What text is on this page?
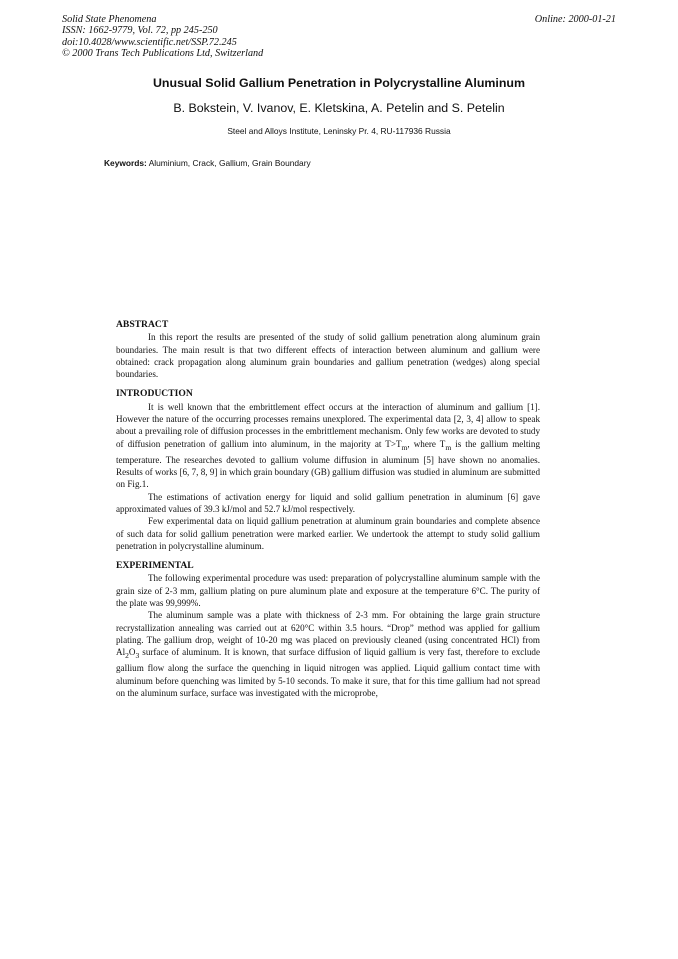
Solid State Phenomena
ISSN: 1662-9779, Vol. 72, pp 245-250
doi:10.4028/www.scientific.net/SSP.72.245
© 2000 Trans Tech Publications Ltd, Switzerland
Online: 2000-01-21
Unusual Solid Gallium Penetration in Polycrystalline Aluminum
B. Bokstein, V. Ivanov, E. Kletskina, A. Petelin and S. Petelin
Steel and Alloys Institute, Leninsky Pr. 4, RU-117936 Russia
Keywords: Aluminium, Crack, Gallium, Grain Boundary
ABSTRACT

In this report the results are presented of the study of solid gallium penetration along aluminum grain boundaries. The main result is that two different effects of interaction between aluminum and gallium were obtained: crack propagation along aluminum grain boundaries and gallium penetration (wedges) along special boundaries.

INTRODUCTION

It is well known that the embrittlement effect occurs at the interaction of aluminum and gallium [1]. However the nature of the occurring processes remains unexplored. The experimental data [2, 3, 4] allow to speak about a prevailing role of diffusion processes in the embrittlement mechanism. Only few works are devoted to study of diffusion penetration of gallium into aluminum, in the majority at $T>T_m$, where $T_m$ is the gallium melting temperature. The researches devoted to gallium volume diffusion in aluminum [5] have shown no anomalies. Results of works [6, 7, 8, 9] in which grain boundary (GB) gallium diffusion was studied in aluminum are submitted on Fig.1.

The estimations of activation energy for liquid and solid gallium penetration in aluminum [6] gave approximated values of 39.3 kJ/mol and 52.7 kJ/mol respectively.

Few experimental data on liquid gallium penetration at aluminum grain boundaries and complete absence of such data for solid gallium penetration were marked earlier. We undertook the attempt to study solid gallium penetration in polycrystalline aluminum.

EXPERIMENTAL

The following experimental procedure was used: preparation of polycrystalline aluminum sample with the grain size of 2-3 mm, gallium plating on pure aluminum plate and exposure at the temperature 6°C. The purity of the plate was 99,999%.

The aluminum sample was a plate with thickness of 2-3 mm. For obtaining the large grain structure recrystallization annealing was carried out at 620°C within 3.5 hours. “Drop” method was applied for gallium plating. The gallium drop, weight of 10-20 mg was placed on previously cleaned (using concentrated HCl) from $Al_2O_3$ surface of aluminum. It is known, that surface diffusion of liquid gallium is very fast, therefore to exclude gallium flow along the surface the quenching in liquid nitrogen was applied. Liquid gallium contact time with aluminum before quenching was limited by 5-10 seconds. To make it sure, that for this time gallium had not spread on the aluminum surface, surface was investigated with the microprobe,
